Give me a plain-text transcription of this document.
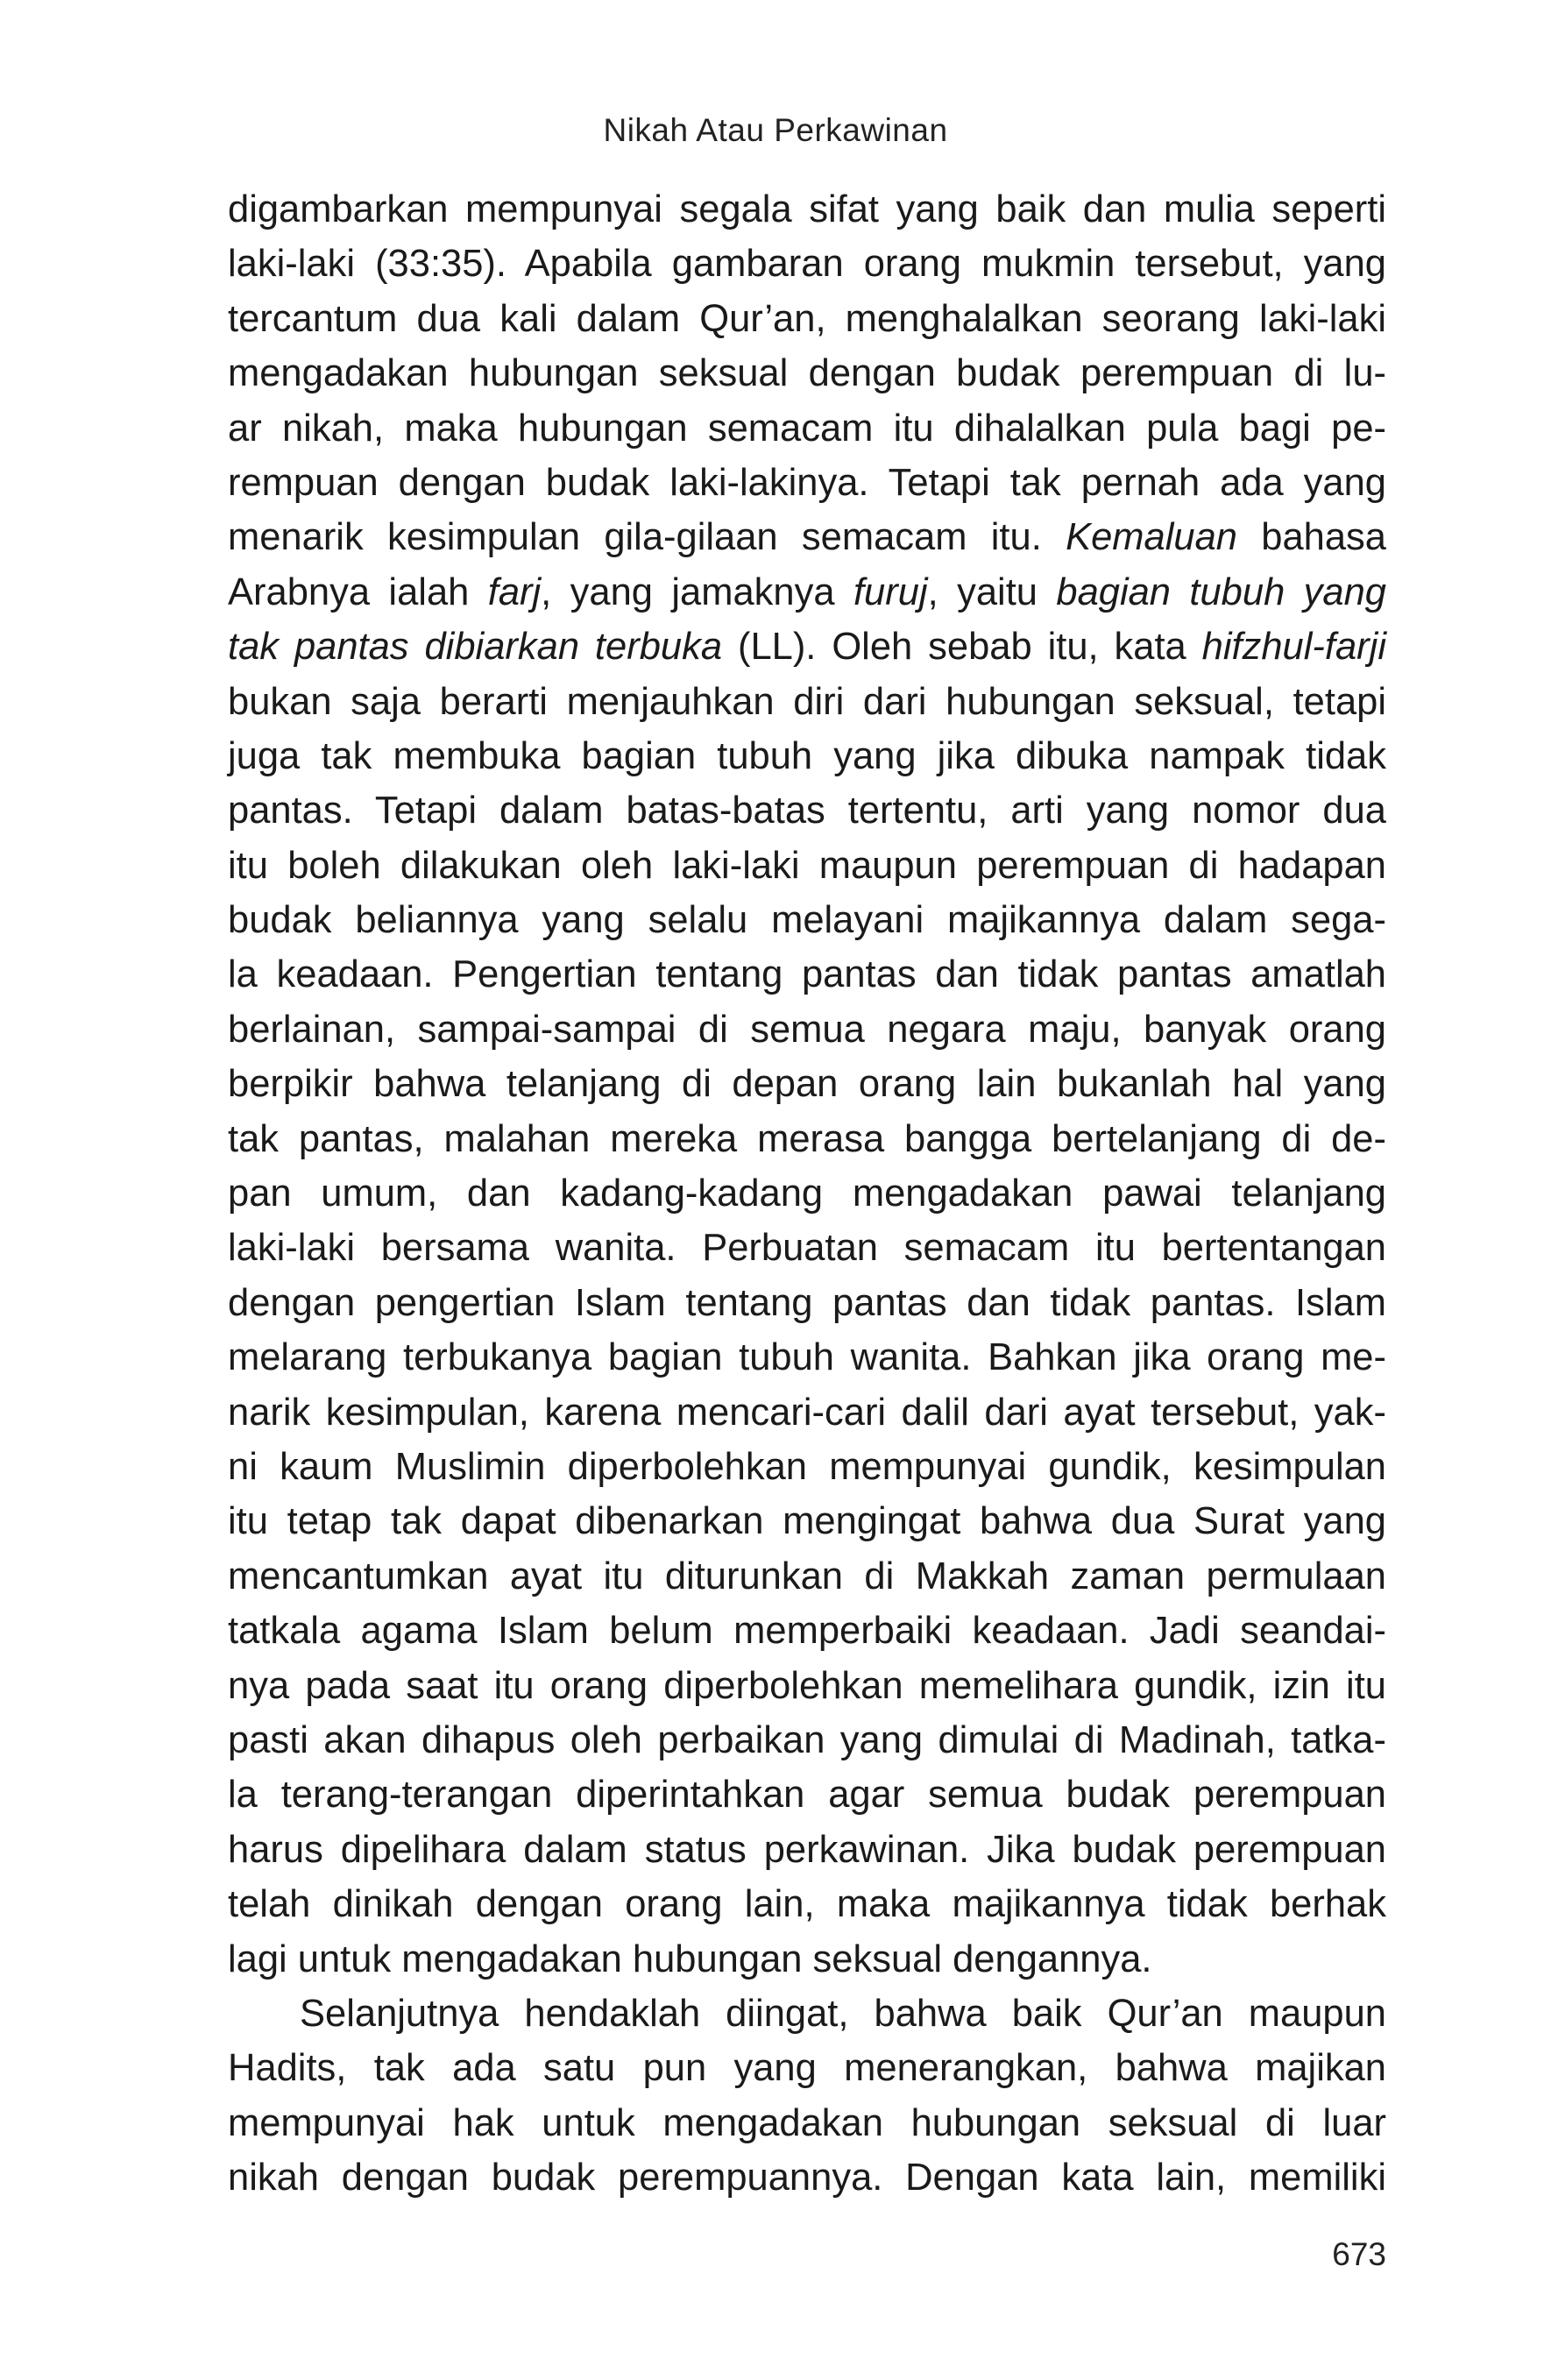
Nikah Atau Perkawinan
digambarkan mempunyai segala sifat yang baik dan mulia seperti
laki-laki (33:35). Apabila gambaran orang mukmin tersebut, yang
tercantum dua kali dalam Qur’an, menghalalkan seorang laki-laki
mengadakan hubungan seksual dengan budak perempuan di lu-
ar nikah, maka hubungan semacam itu dihalalkan pula bagi pe-
rempuan dengan budak laki-lakinya. Tetapi tak pernah ada yang
menarik kesimpulan gila-gilaan semacam itu. Kemaluan bahasa
Arabnya ialah farj, yang jamaknya furuj, yaitu bagian tubuh yang
tak pantas dibiarkan terbuka (LL). Oleh sebab itu, kata hifzhul-farji
bukan saja berarti menjauhkan diri dari hubungan seksual, tetapi
juga tak membuka bagian tubuh yang jika dibuka nampak tidak
pantas. Tetapi dalam batas-batas tertentu, arti yang nomor dua
itu boleh dilakukan oleh laki-laki maupun perempuan di hadapan
budak beliannya yang selalu melayani majikannya dalam sega-
la keadaan. Pengertian tentang pantas dan tidak pantas amatlah
berlainan, sampai-sampai di semua negara maju, banyak orang
berpikir bahwa telanjang di depan orang lain bukanlah hal yang
tak pantas, malahan mereka merasa bangga bertelanjang di de-
pan umum, dan kadang-kadang mengadakan pawai telanjang
laki-laki bersama wanita. Perbuatan semacam itu bertentangan
dengan pengertian Islam tentang pantas dan tidak pantas. Islam
melarang terbukanya bagian tubuh wanita. Bahkan jika orang me-
narik kesimpulan, karena mencari-cari dalil dari ayat tersebut, yak-
ni kaum Muslimin diperbolehkan mempunyai gundik, kesimpulan
itu tetap tak dapat dibenarkan mengingat bahwa dua Surat yang
mencantumkan ayat itu diturunkan di Makkah zaman permulaan
tatkala agama Islam belum memperbaiki keadaan. Jadi seandai-
nya pada saat itu orang diperbolehkan memelihara gundik, izin itu
pasti akan dihapus oleh perbaikan yang dimulai di Madinah, tatka-
la terang-terangan diperintahkan agar semua budak perempuan
harus dipelihara dalam status perkawinan. Jika budak perempuan
telah dinikah dengan orang lain, maka majikannya tidak berhak
lagi untuk mengadakan hubungan seksual dengannya.
Selanjutnya hendaklah diingat, bahwa baik Qur’an maupun
Hadits, tak ada satu pun yang menerangkan, bahwa majikan
mempunyai hak untuk mengadakan hubungan seksual di luar
nikah dengan budak perempuannya. Dengan kata lain, memiliki
673
